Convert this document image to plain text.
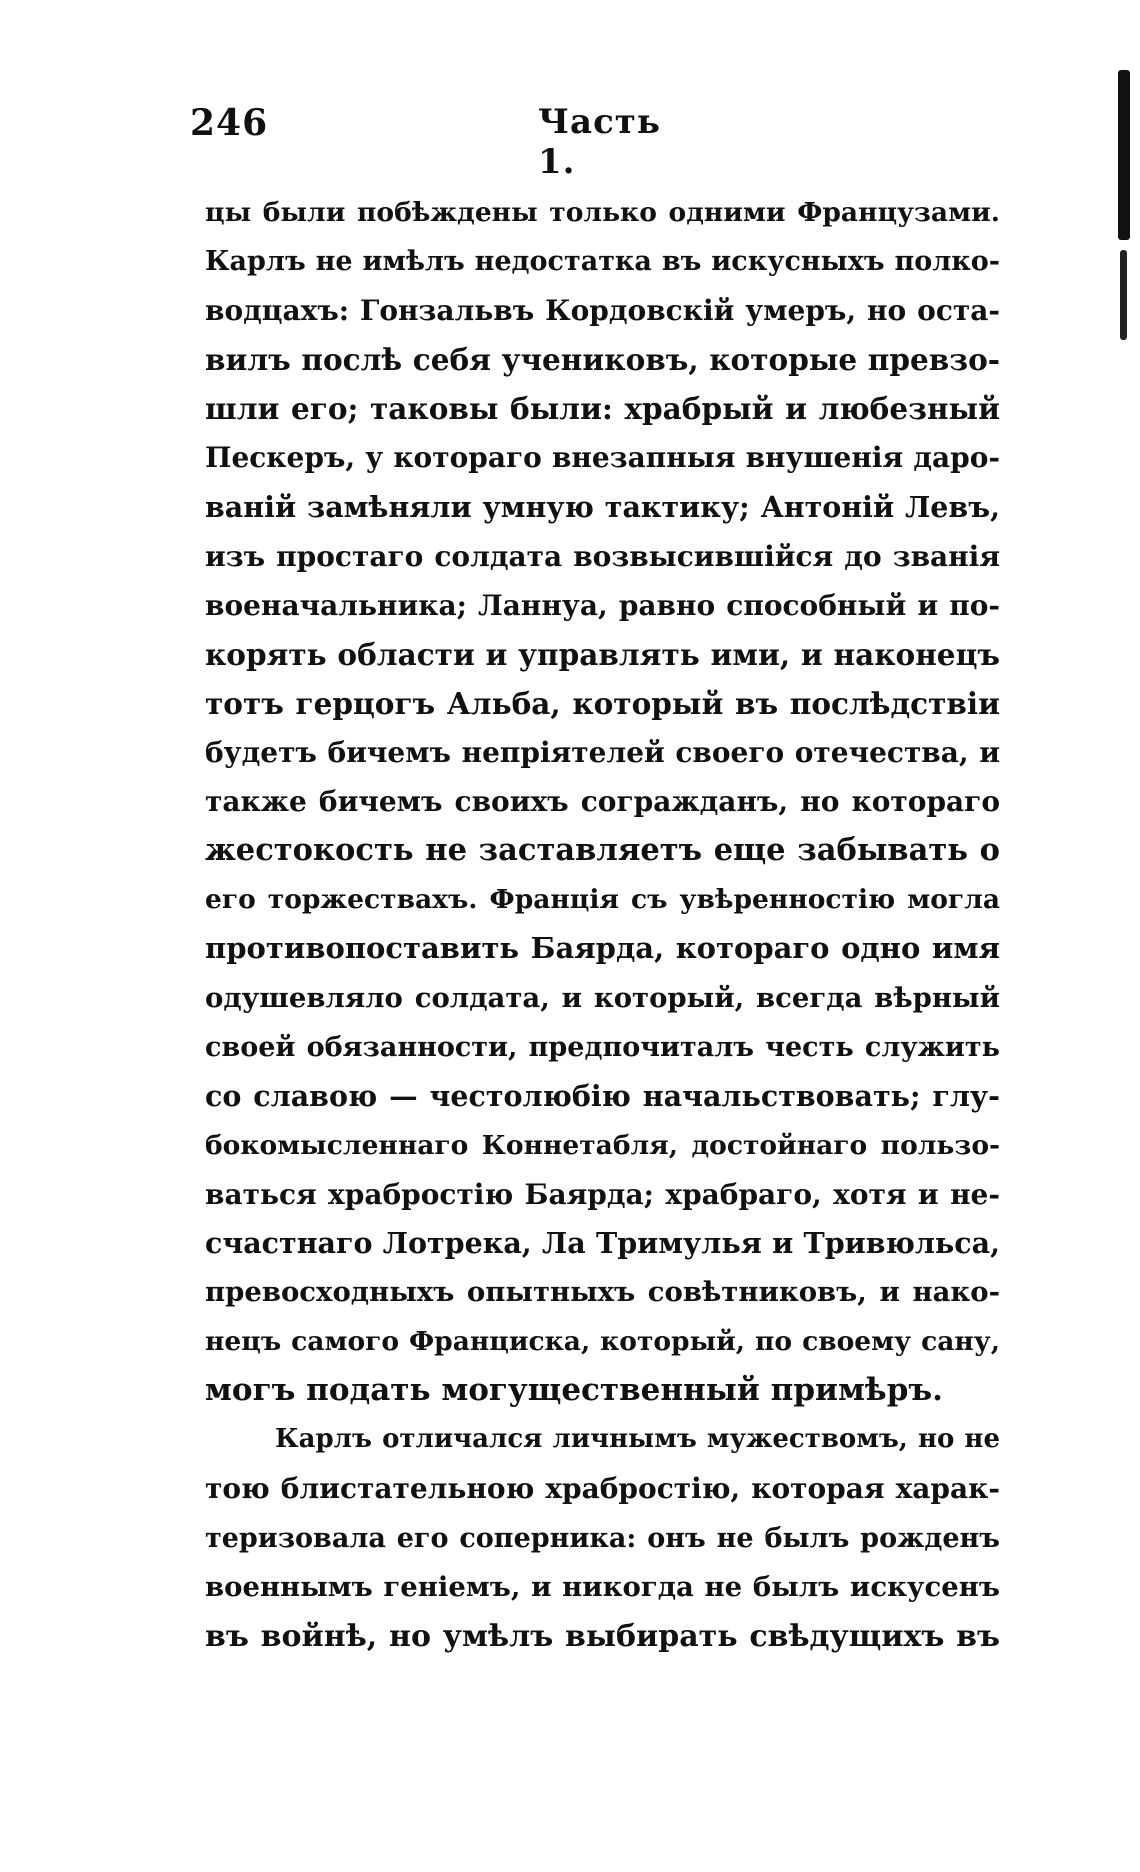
246	Часть 1.
цы были побѣждены только одними Французами.
Карлъ не имѣлъ недостатка въ искусныхъ полко-
водцахъ: Гонзальвъ Кордовскій умеръ, но оста-
вилъ послѣ себя учениковъ, которые превзо-
шли его; таковы были: храбрый и любезный
Пескеръ, у котораго внезапныя внушенія даро-
ваній замѣняли умную тактику; Антоній Левъ,
изъ простаго солдата возвысившійся до званія
военачальника; Ланнуа, равно способный и по-
корять области и управлять ими, и наконецъ
тотъ герцогъ Альба, который въ послѣдствіи
будетъ бичемъ непріятелей своего отечества, и
также бичемъ своихъ согражданъ, но котораго
жестокость не заставляетъ еще забывать о
его торжествахъ. Франція съ увѣренностію могла
противопоставить Баярда, котораго одно имя
одушевляло солдата, и который, всегда вѣрный
своей обязанности, предпочиталъ честь служить
со славою — честолюбію начальствовать; глу-
бокомысленнаго Коннетабля, достойнаго пользо-
ваться храбростію Баярда; храбраго, хотя и не-
счастнаго Лотрека, Ла Тримулья и Тривюльса,
превосходныхъ опытныхъ совѣтниковъ, и нако-
нецъ самого Франциска, который, по своему сану,
могъ подать могущественный примѣръ.
Карлъ отличался личнымъ мужествомъ, но не
тою блистательною храбростію, которая харак-
теризовала его соперника: онъ не былъ рожденъ
военнымъ геніемъ, и никогда не былъ искусенъ
въ войнѣ, но умѣлъ выбирать свѣдущихъ въ
